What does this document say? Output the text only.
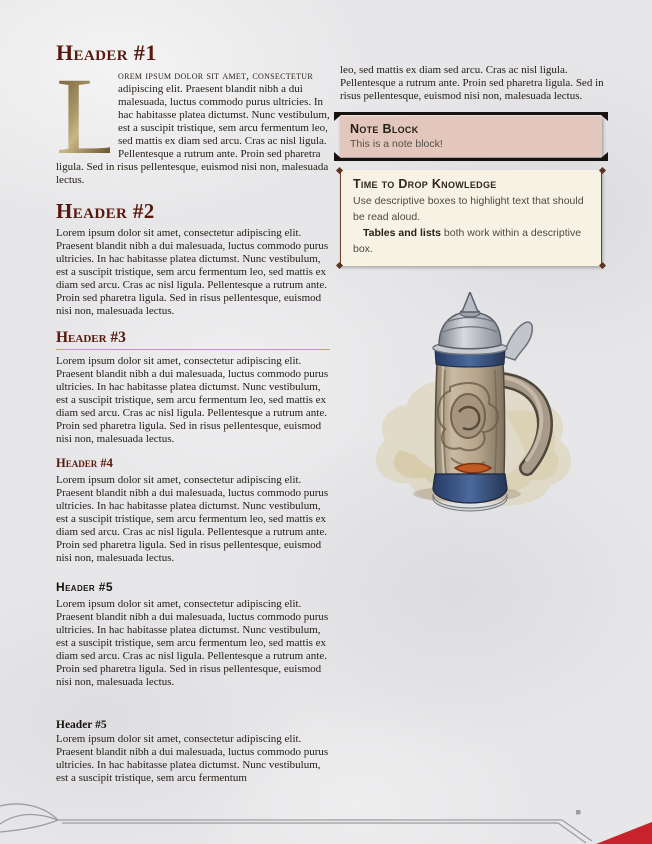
Header #1

L
orem ipsum dolor sit amet, consectetur adipiscing elit. Praesent blandit nibh a dui malesuada, luctus commodo purus ultricies. In hac habitasse platea dictumst. Nunc vestibulum, est a suscipit tristique, sem arcu fermentum leo, sed mattis ex diam sed arcu. Cras ac nisl ligula. Pellentesque a rutrum ante. Proin sed pharetra ligula. Sed in risus pellentesque, euismod nisi non, malesuada lectus.

Header #2

Lorem ipsum dolor sit amet, consectetur adipiscing elit. Praesent blandit nibh a dui malesuada, luctus commodo purus ultricies. In hac habitasse platea dictumst. Nunc vestibulum, est a suscipit tristique, sem arcu fermentum leo, sed mattis ex diam sed arcu. Cras ac nisl ligula. Pellentesque a rutrum ante. Proin sed pharetra ligula. Sed in risus pellentesque, euismod nisi non, malesuada lectus.

Header #3

Lorem ipsum dolor sit amet, consectetur adipiscing elit. Praesent blandit nibh a dui malesuada, luctus commodo purus ultricies. In hac habitasse platea dictumst. Nunc vestibulum, est a suscipit tristique, sem arcu fermentum leo, sed mattis ex diam sed arcu. Cras ac nisl ligula. Pellentesque a rutrum ante. Proin sed pharetra ligula. Sed in risus pellentesque, euismod nisi non, malesuada lectus.

Header #4

Lorem ipsum dolor sit amet, consectetur adipiscing elit. Praesent blandit nibh a dui malesuada, luctus commodo purus ultricies. In hac habitasse platea dictumst. Nunc vestibulum, est a suscipit tristique, sem arcu fermentum leo, sed mattis ex diam sed arcu. Cras ac nisl ligula. Pellentesque a rutrum ante. Proin sed pharetra ligula. Sed in risus pellentesque, euismod nisi non, malesuada lectus.

Header #5

Lorem ipsum dolor sit amet, consectetur adipiscing elit. Praesent blandit nibh a dui malesuada, luctus commodo purus ultricies. In hac habitasse platea dictumst. Nunc vestibulum, est a suscipit tristique, sem arcu fermentum leo, sed mattis ex diam sed arcu. Cras ac nisl ligula. Pellentesque a rutrum ante. Proin sed pharetra ligula. Sed in risus pellentesque, euismod nisi non, malesuada lectus.

Header #5

Lorem ipsum dolor sit amet, consectetur adipiscing elit. Praesent blandit nibh a dui malesuada, luctus commodo purus ultricies. In hac habitasse platea dictumst. Nunc vestibulum, est a suscipit tristique, sem arcu fermentum

leo, sed mattis ex diam sed arcu. Cras ac nisl ligula. Pellentesque a rutrum ante. Proin sed pharetra ligula. Sed in risus pellentesque, euismod nisi non, malesuada lectus.

Note Block
This is a note block!
Time to Drop Knowledge

Use descriptive boxes to highlight text that should be read aloud.

Tables and lists both work within a descriptive box.
